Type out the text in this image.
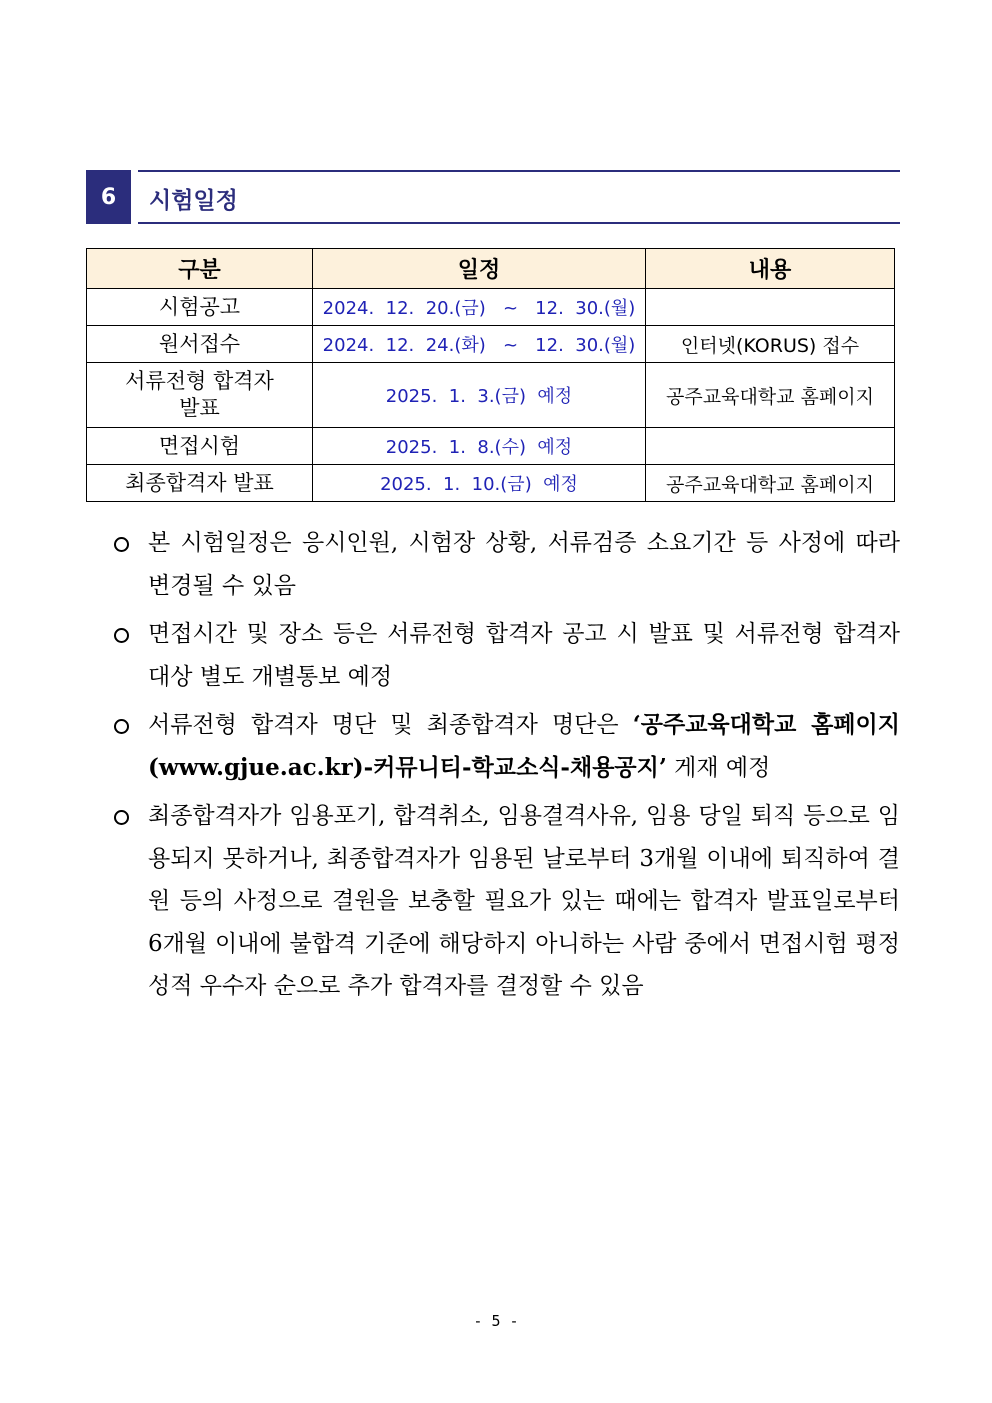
6	시험일정
구분	일정	내용
시험공고	2024.  12.  20.(금)   ~   12.  30.(월)	
원서접수	2024.  12.  24.(화)   ~   12.  30.(월)	인터넷(KORUS) 접수
서류전형 합격자 발표	2025.  1.  3.(금)  예정	공주교육대학교 홈페이지
면접시험	2025.  1.  8.(수)  예정	
최종합격자 발표	2025.  1.  10.(금)  예정	공주교육대학교 홈페이지
본 시험일정은 응시인원, 시험장 상황, 서류검증 소요기간 등 사정에 따라 변경될 수 있음
면접시간 및 장소 등은 서류전형 합격자 공고 시 발표 및 서류전형 합격자 대상 별도 개별통보 예정
서류전형 합격자 명단 및 최종합격자 명단은 ‘공주교육대학교 홈페이지(www.gjue.ac.kr)-커뮤니티-학교소식-채용공지’ 게재 예정
최종합격자가 임용포기, 합격취소, 임용결격사유, 임용 당일 퇴직 등으로 임용되지 못하거나, 최종합격자가 임용된 날로부터 3개월 이내에 퇴직하여 결원 등의 사정으로 결원을 보충할 필요가 있는 때에는 합격자 발표일로부터 6개월 이내에 불합격 기준에 해당하지 아니하는 사람 중에서 면접시험 평정성적 우수자 순으로 추가 합격자를 결정할 수 있음
- 5 -
